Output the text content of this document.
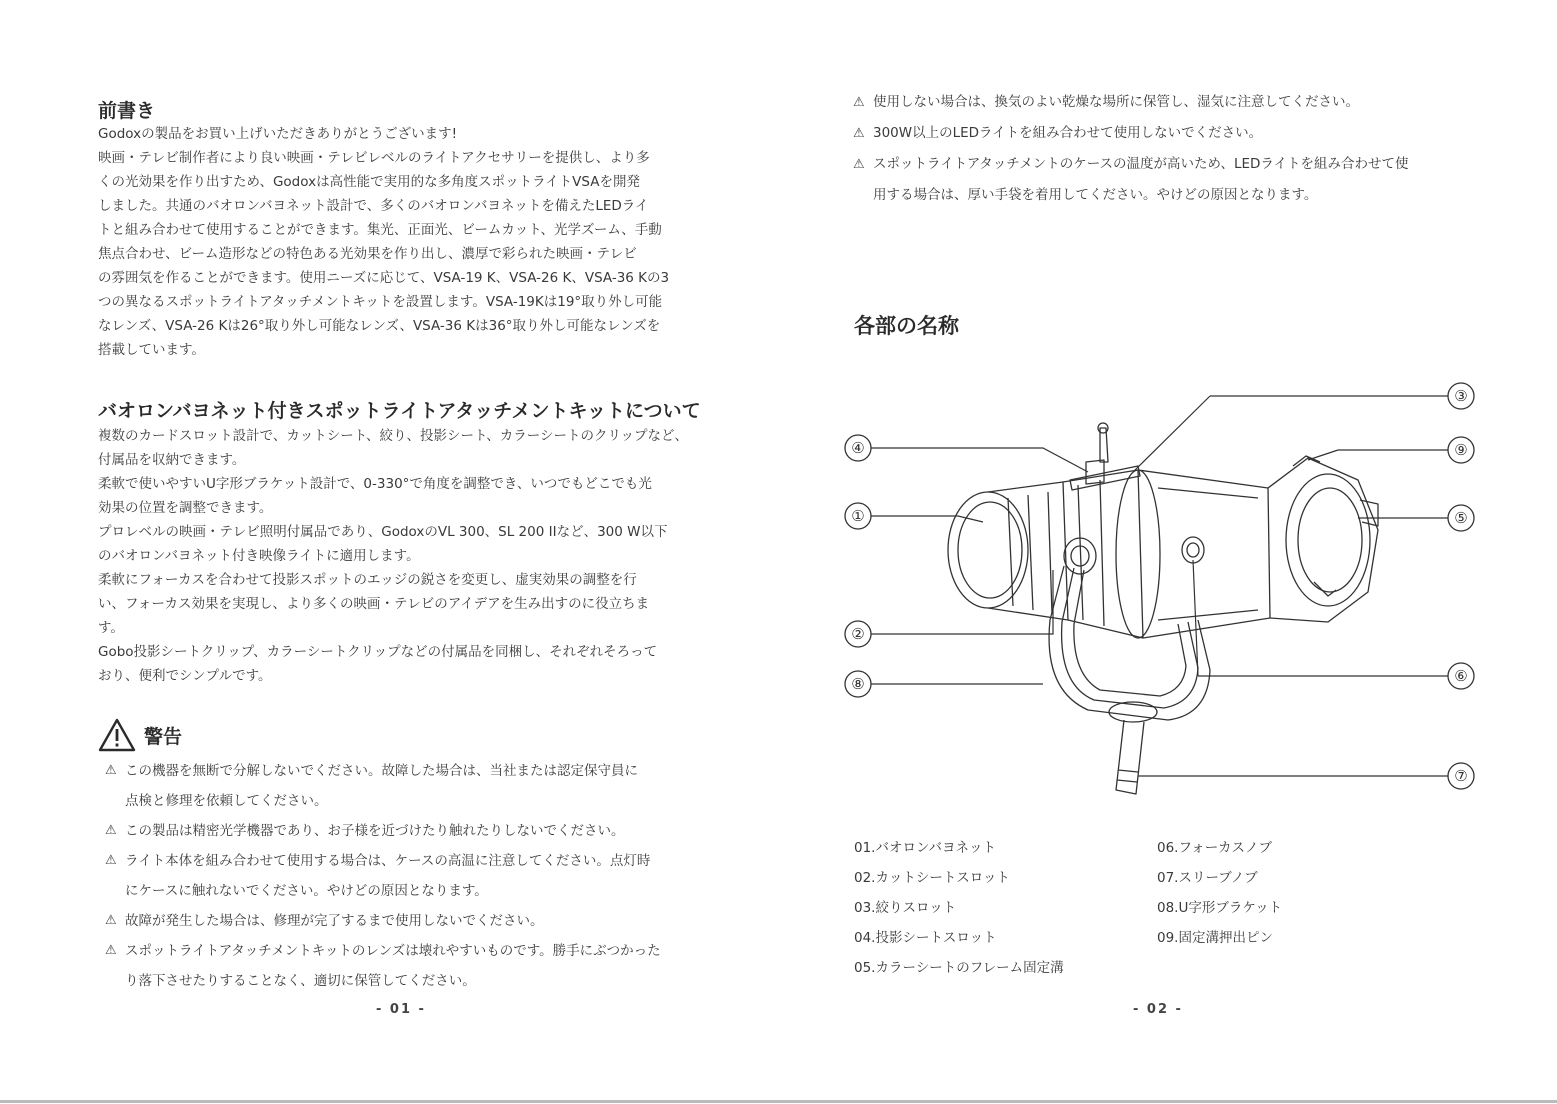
前書き

Godoxの製品をお買い上げいただきありがとうございます!

映画・テレビ制作者により良い映画・テレビレベルのライトアクセサリーを提供し、より多

くの光効果を作り出すため、Godoxは高性能で実用的な多角度スポットライトVSAを開発

しました。共通のバオロンバヨネット設計で、多くのバオロンバヨネットを備えたLEDライ

トと組み合わせて使用することができます。集光、正面光、ビームカット、光学ズーム、手動

焦点合わせ、ビーム造形などの特色ある光効果を作り出し、濃厚で彩られた映画・テレビ

の雰囲気を作ることができます。使用ニーズに応じて、VSA-19 K、VSA-26 K、VSA-36 Kの3

つの異なるスポットライトアタッチメントキットを設置します。VSA-19Kは19°取り外し可能

なレンズ、VSA-26 Kは26°取り外し可能なレンズ、VSA-36 Kは36°取り外し可能なレンズを

搭載しています。

バオロンバヨネット付きスポットライトアタッチメントキットについて

複数のカードスロット設計で、カットシート、絞り、投影シート、カラーシートのクリップなど、

付属品を収納できます。

柔軟で使いやすいU字形ブラケット設計で、0-330°で角度を調整でき、いつでもどこでも光

効果の位置を調整できます。

プロレベルの映画・テレビ照明付属品であり、GodoxのVL 300、SL 200 IIなど、300 W以下

のバオロンバヨネット付き映像ライトに適用します。

柔軟にフォーカスを合わせて投影スポットのエッジの鋭さを変更し、虚実効果の調整を行

い、フォーカス効果を実現し、より多くの映画・テレビのアイデアを生み出すのに役立ちま

す。

Gobo投影シートクリップ、カラーシートクリップなどの付属品を同梱し、それぞれそろって

おり、便利でシンプルです。

警告
⚠ この機器を無断で分解しないでください。故障した場合は、当社または認定保守員に
点検と修理を依頼してください。
⚠ この製品は精密光学機器であり、お子様を近づけたり触れたりしないでください。
⚠ ライト本体を組み合わせて使用する場合は、ケースの高温に注意してください。点灯時
にケースに触れないでください。やけどの原因となります。
⚠ 故障が発生した場合は、修理が完了するまで使用しないでください。
⚠ スポットライトアタッチメントキットのレンズは壊れやすいものです。勝手にぶつかった
り落下させたりすることなく、適切に保管してください。
- 01 -
⚠ 使用しない場合は、換気のよい乾燥な場所に保管し、湿気に注意してください。
⚠ 300W以上のLEDライトを組み合わせて使用しないでください。
⚠ スポットライトアタッチメントのケースの温度が高いため、LEDライトを組み合わせて使
用する場合は、厚い手袋を着用してください。やけどの原因となります。
各部の名称
③
④	⑨
①	⑤
②
⑥
⑧
⑦
01.バオロンバヨネット
02.カットシートスロット
03.絞りスロット
04.投影シートスロット
05.カラーシートのフレーム固定溝
06.フォーカスノブ
07.スリーブノブ
08.U字形ブラケット
09.固定溝押出ピン
- 02 -
